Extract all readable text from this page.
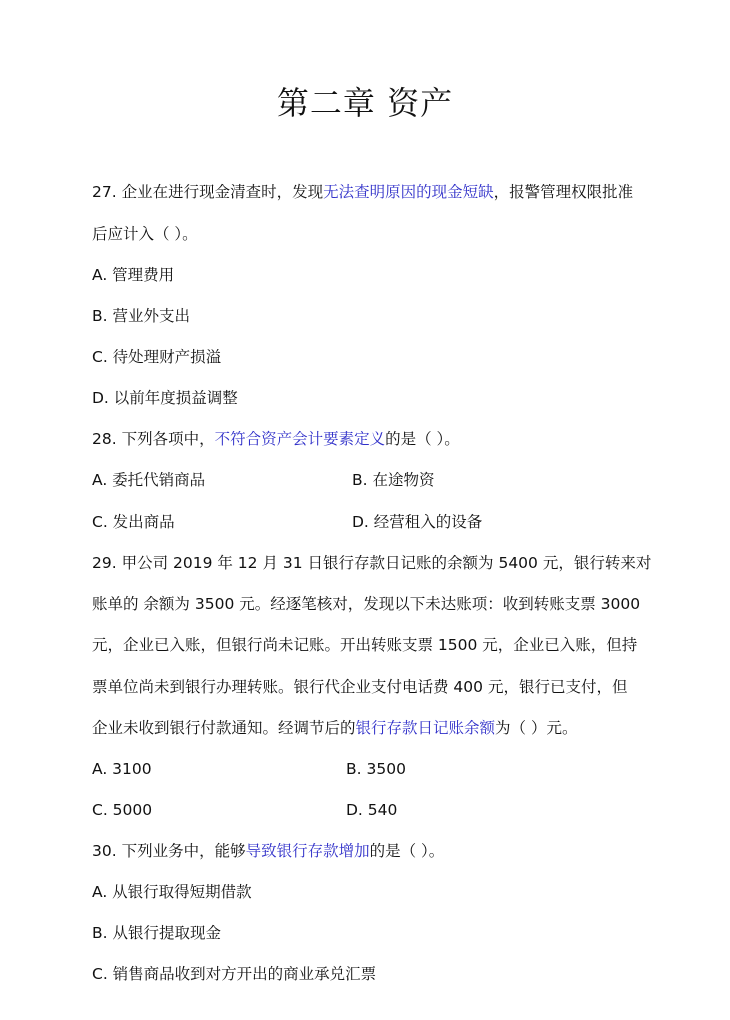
第二章 资产
27. 企业在进行现金清查时，发现无法查明原因的现金短缺，报警管理权限批准
后应计入（ ）。
A. 管理费用
B. 营业外支出
C. 待处理财产损溢
D. 以前年度损益调整
28. 下列各项中，不符合资产会计要素定义的是（ ）。
A. 委托代销商品	B. 在途物资
C. 发出商品	D. 经营租入的设备
29. 甲公司 2019 年 12 月 31 日银行存款日记账的余额为 5400 元，银行转来对
账单的 余额为 3500 元。经逐笔核对，发现以下未达账项：收到转账支票 3000
元，企业已入账，但银行尚未记账。开出转账支票 1500 元，企业已入账，但持
票单位尚未到银行办理转账。银行代企业支付电话费 400 元，银行已支付，但
企业未收到银行付款通知。经调节后的银行存款日记账余额为（ ）元。
A. 3100	B. 3500
C. 5000	D. 540
30. 下列业务中，能够导致银行存款增加的是（ ）。
A. 从银行取得短期借款
B. 从银行提取现金
C. 销售商品收到对方开出的商业承兑汇票
